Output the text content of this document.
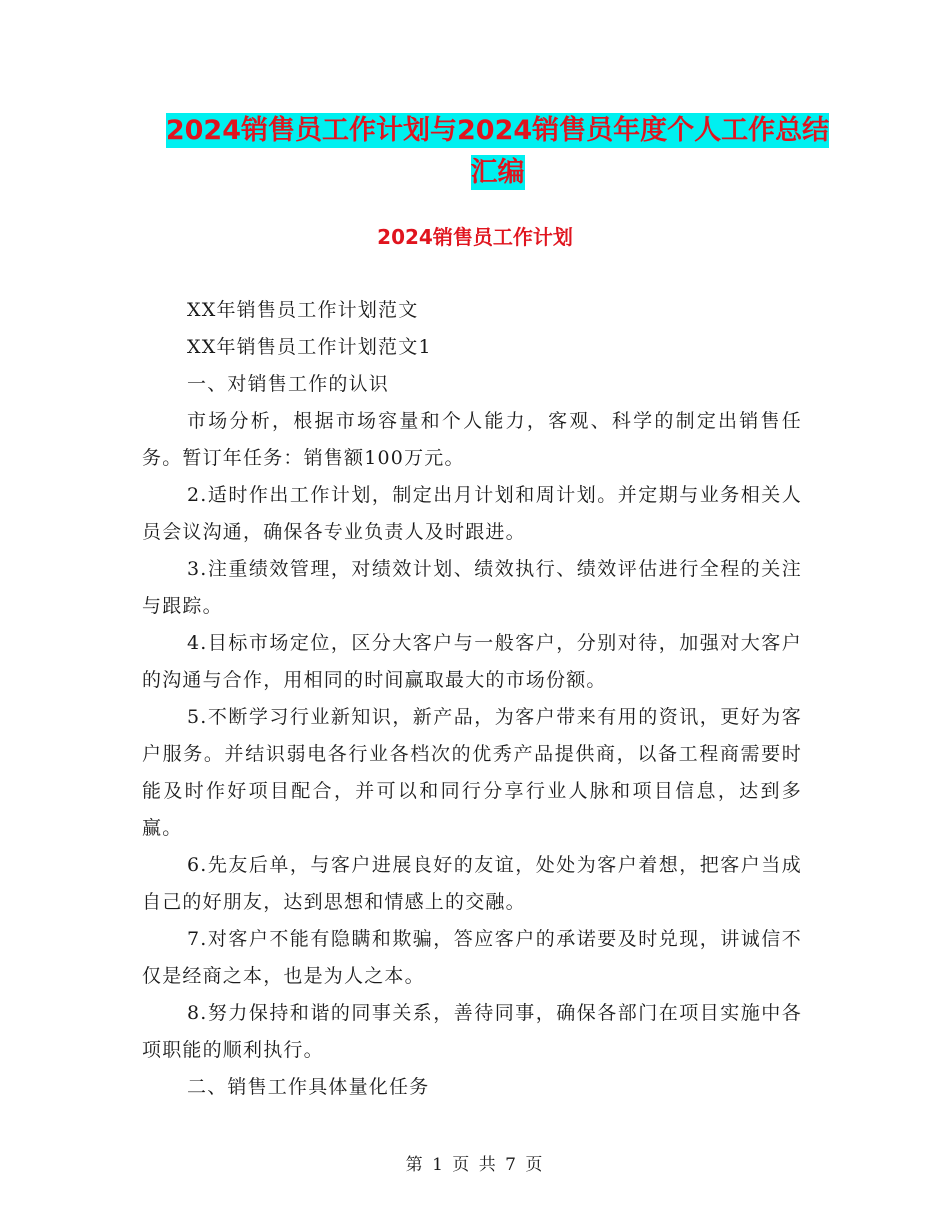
2024销售员工作计划与2024销售员年度个人工作总结
汇编
2024销售员工作计划

XX年销售员工作计划范文

XX年销售员工作计划范文1

一、对销售工作的认识

市场分析，根据市场容量和个人能力，客观、科学的制定出销售任务。暂订年任务：销售额100万元。

2.适时作出工作计划，制定出月计划和周计划。并定期与业务相关人员会议沟通，确保各专业负责人及时跟进。

3.注重绩效管理，对绩效计划、绩效执行、绩效评估进行全程的关注与跟踪。

4.目标市场定位，区分大客户与一般客户，分别对待，加强对大客户的沟通与合作，用相同的时间赢取最大的市场份额。

5.不断学习行业新知识，新产品，为客户带来有用的资讯，更好为客户服务。并结识弱电各行业各档次的优秀产品提供商，以备工程商需要时能及时作好项目配合，并可以和同行分享行业人脉和项目信息，达到多赢。

6.先友后单，与客户进展良好的友谊，处处为客户着想，把客户当成自己的好朋友，达到思想和情感上的交融。

7.对客户不能有隐瞒和欺骗，答应客户的承诺要及时兑现，讲诚信不仅是经商之本，也是为人之本。

8.努力保持和谐的同事关系，善待同事，确保各部门在项目实施中各项职能的顺利执行。

二、销售工作具体量化任务

第 1 页 共 7 页
